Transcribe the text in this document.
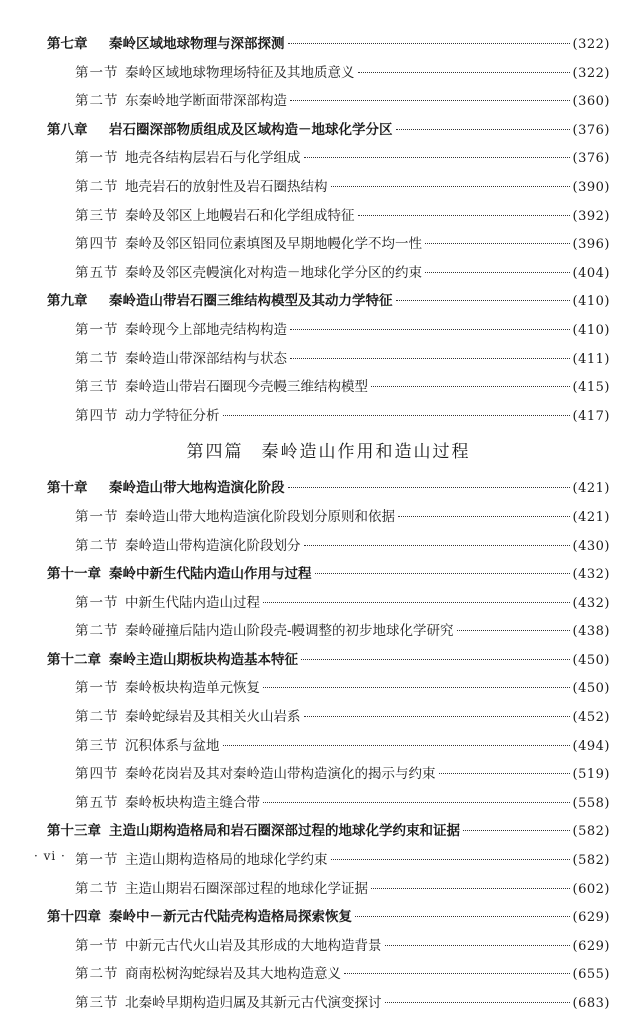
第七章	秦岭区域地球物理与深部探测	(322)
第一节 秦岭区域地球物理场特征及其地质意义	(322)
第二节 东秦岭地学断面带深部构造	(360)
第八章	岩石圈深部物质组成及区域构造－地球化学分区	(376)
第一节 地壳各结构层岩石与化学组成	(376)
第二节 地壳岩石的放射性及岩石圈热结构	(390)
第三节 秦岭及邻区上地幔岩石和化学组成特征	(392)
第四节 秦岭及邻区铅同位素填图及早期地幔化学不均一性	(396)
第五节 秦岭及邻区壳幔演化对构造－地球化学分区的约束	(404)
第九章	秦岭造山带岩石圈三维结构模型及其动力学特征	(410)
第一节 秦岭现今上部地壳结构构造	(410)
第二节 秦岭造山带深部结构与状态	(411)
第三节 秦岭造山带岩石圈现今壳幔三维结构模型	(415)
第四节 动力学特征分析	(417)
第四篇 秦岭造山作用和造山过程
第十章	秦岭造山带大地构造演化阶段	(421)
第一节 秦岭造山带大地构造演化阶段划分原则和依据	(421)
第二节 秦岭造山带构造演化阶段划分	(430)
第十一章 秦岭中新生代陆内造山作用与过程	(432)
第一节 中新生代陆内造山过程	(432)
第二节 秦岭碰撞后陆内造山阶段壳-幔调整的初步地球化学研究	(438)
第十二章 秦岭主造山期板块构造基本特征	(450)
第一节 秦岭板块构造单元恢复	(450)
第二节 秦岭蛇绿岩及其相关火山岩系	(452)
第三节 沉积体系与盆地	(494)
第四节 秦岭花岗岩及其对秦岭造山带构造演化的揭示与约束	(519)
第五节 秦岭板块构造主缝合带	(558)
第十三章 主造山期构造格局和岩石圈深部过程的地球化学约束和证据	(582)
第一节 主造山期构造格局的地球化学约束	(582)
第二节 主造山期岩石圈深部过程的地球化学证据	(602)
第十四章 秦岭中－新元古代陆壳构造格局探索恢复	(629)
第一节 中新元古代火山岩及其形成的大地构造背景	(629)
第二节 商南松树沟蛇绿岩及其大地构造意义	(655)
第三节 北秦岭早期构造归属及其新元古代演变探讨	(683)
· vi ·
